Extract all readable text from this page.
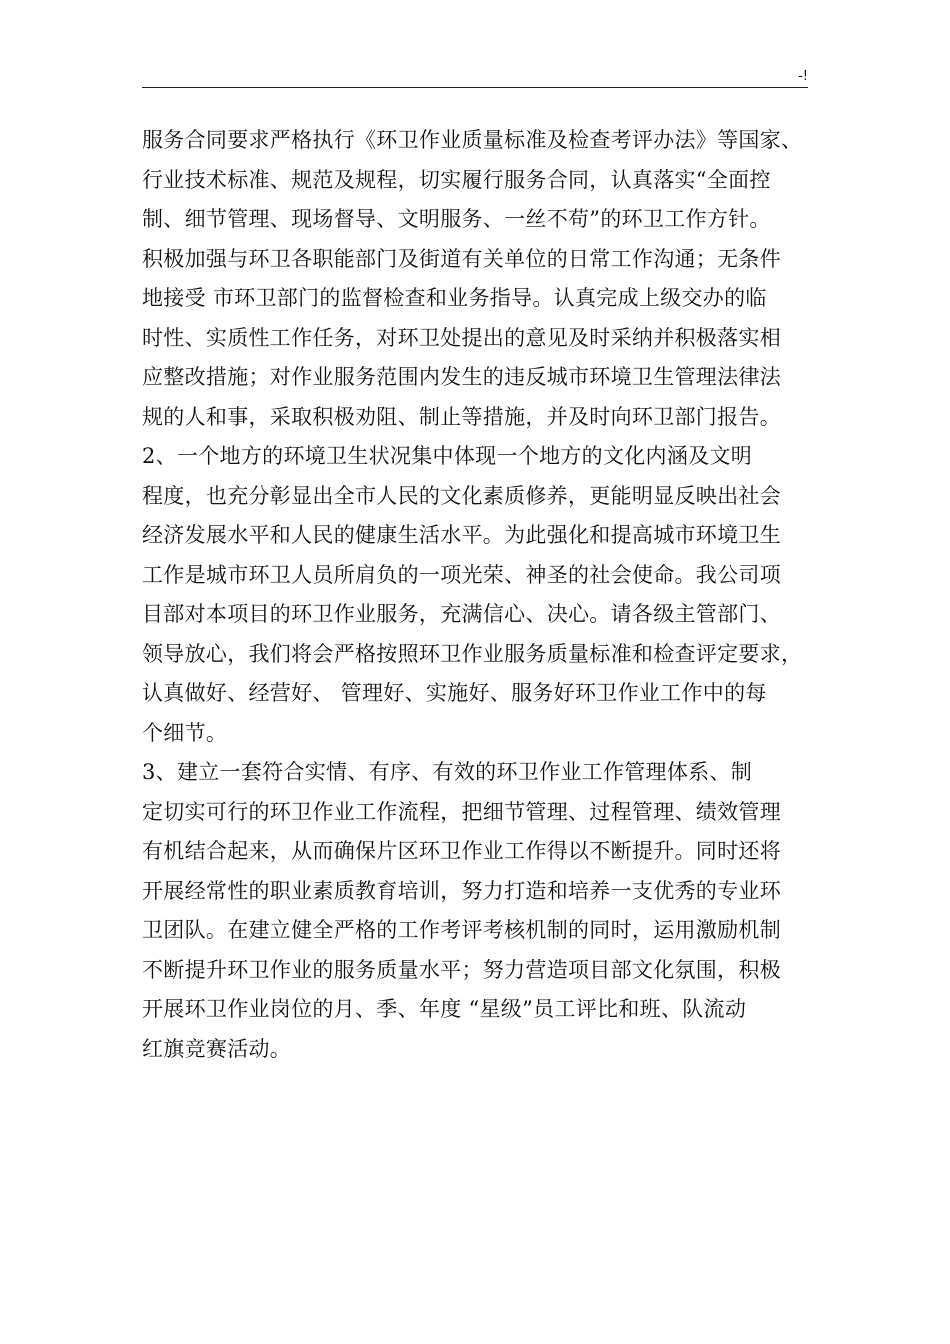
-!
服务合同要求严格执行《环卫作业质量标准及检查考评办法》等国家、
行业技术标准、规范及规程，切实履行服务合同，认真落实“全面控
制、细节管理、现场督导、文明服务、一丝不苟”的环卫工作方针。
积极加强与环卫各职能部门及街道有关单位的日常工作沟通；无条件
地接受 市环卫部门的监督检查和业务指导。认真完成上级交办的临
时性、实质性工作任务，对环卫处提出的意见及时采纳并积极落实相
应整改措施；对作业服务范围内发生的违反城市环境卫生管理法律法
规的人和事，采取积极劝阻、制止等措施，并及时向环卫部门报告。
2、一个地方的环境卫生状况集中体现一个地方的文化内涵及文明
程度，也充分彰显出全市人民的文化素质修养，更能明显反映出社会
经济发展水平和人民的健康生活水平。为此强化和提高城市环境卫生
工作是城市环卫人员所肩负的一项光荣、神圣的社会使命。我公司项
目部对本项目的环卫作业服务，充满信心、决心。请各级主管部门、
领导放心，我们将会严格按照环卫作业服务质量标准和检查评定要求，
认真做好、经营好、 管理好、实施好、服务好环卫作业工作中的每
个细节。
3、建立一套符合实情、有序、有效的环卫作业工作管理体系、制
定切实可行的环卫作业工作流程，把细节管理、过程管理、绩效管理
有机结合起来，从而确保片区环卫作业工作得以不断提升。同时还将
开展经常性的职业素质教育培训，努力打造和培养一支优秀的专业环
卫团队。在建立健全严格的工作考评考核机制的同时，运用激励机制
不断提升环卫作业的服务质量水平；努力营造项目部文化氛围，积极
开展环卫作业岗位的月、季、年度 “星级”员工评比和班、队流动
红旗竞赛活动。
